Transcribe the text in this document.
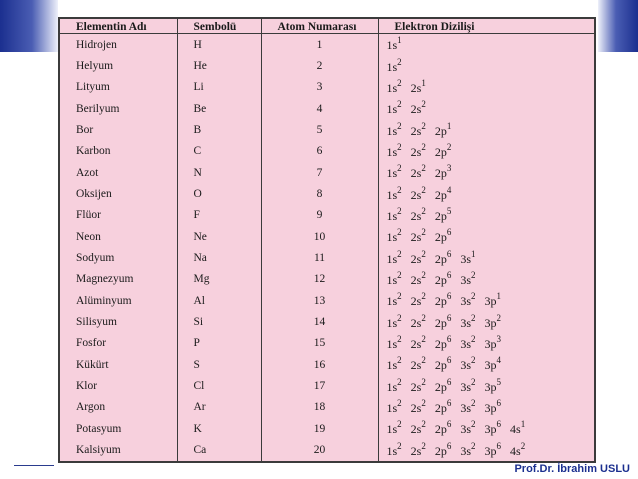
Elementin Adı	Sembolü	Atom Numarası	Elektron Dizilişi
Hidrojen	H	1	$1s^1$
Helyum	He	2	$1s^2$
Lityum	Li	3	$1s^2$ $2s^1$
Berilyum	Be	4	$1s^2$ $2s^2$
Bor	B	5	$1s^2$ $2s^2$ $2p^1$
Karbon	C	6	$1s^2$ $2s^2$ $2p^2$
Azot	N	7	$1s^2$ $2s^2$ $2p^3$
Oksijen	O	8	$1s^2$ $2s^2$ $2p^4$
Flüor	F	9	$1s^2$ $2s^2$ $2p^5$
Neon	Ne	10	$1s^2$ $2s^2$ $2p^6$
Sodyum	Na	11	$1s^2$ $2s^2$ $2p^6$ $3s^1$
Magnezyum	Mg	12	$1s^2$ $2s^2$ $2p^6$ $3s^2$
Alüminyum	Al	13	$1s^2$ $2s^2$ $2p^6$ $3s^2$ $3p^1$
Silisyum	Si	14	$1s^2$ $2s^2$ $2p^6$ $3s^2$ $3p^2$
Fosfor	P	15	$1s^2$ $2s^2$ $2p^6$ $3s^2$ $3p^3$
Kükürt	S	16	$1s^2$ $2s^2$ $2p^6$ $3s^2$ $3p^4$
Klor	Cl	17	$1s^2$ $2s^2$ $2p^6$ $3s^2$ $3p^5$
Argon	Ar	18	$1s^2$ $2s^2$ $2p^6$ $3s^2$ $3p^6$
Potasyum	K	19	$1s^2$ $2s^2$ $2p^6$ $3s^2$ $3p^6$ $4s^1$
Kalsiyum	Ca	20	$1s^2$ $2s^2$ $2p^6$ $3s^2$ $3p^6$ $4s^2$
Prof.Dr. İbrahim USLU
